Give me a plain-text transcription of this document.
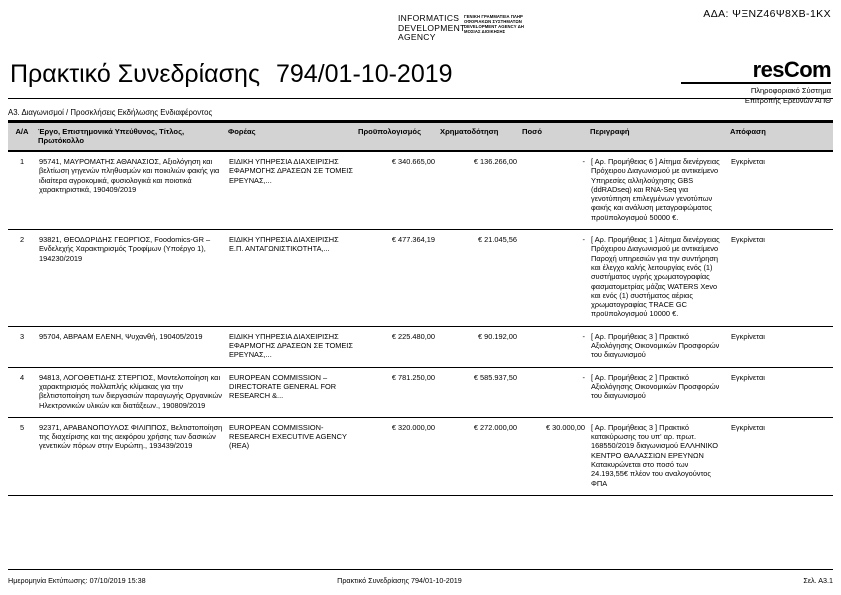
ΑΔΑ: ΨΞΝΖ46Ψ8ΧΒ-1ΚΧ
INFORMATICS DEVELOPMENT AGENCY
ΓΕΝΙΚΗ ΓΡΑΜΜΑΤΕΙΑ ΠΛΗΡΟΦΟΡΙΑΚΩΝ ΣΥΣΤΗΜΑΤΩΝ DEVELOPMENT AGENCY ΔΗΜΟΣΙΑΣ ΔΙΟΙΚΗΣΗΣ
Πρακτικό Συνεδρίασης 794/01-10-2019	resCom
Πληροφοριακό Σύστημα
Επιτροπής Ερευνών ΑΠΘ
Α3. Διαγωνισμοί / Προσκλήσεις Εκδήλωσης Ενδιαφέροντος
Α/Α	Έργο, Επιστημονικά Υπεύθυνος, Τίτλος, Πρωτόκολλο	Φορέας	Προϋπολογισμός	Χρηματοδότηση	Ποσό	Περιγραφή	Απόφαση
1	95741, ΜΑΥΡΟΜΑΤΗΣ ΑΘΑΝΑΣΙΟΣ, Αξιολόγηση και βελτίωση γηγενών πληθυσμών και ποικιλιών φακής για ιδιαίτερα αγροκομικά, φυσιολογικά και ποιοτικά χαρακτηριστικά, 190409/2019	ΕΙΔΙΚΗ ΥΠΗΡΕΣΙΑ ΔΙΑΧΕΙΡΙΣΗΣ ΕΦΑΡΜΟΓΗΣ ΔΡΑΣΕΩΝ ΣΕ ΤΟΜΕΙΣ ΕΡΕΥΝΑΣ,...	€ 340.665,00	€ 136.266,00	-	[ Αρ. Προμήθειας 6 ] Αίτημα διενέργειας Πρόχειρου Διαγωνισμού με αντικείμενο Υπηρεσίες αλληλούχησης GBS (ddRADseq) και RNA-Seq για γενοτύπηση επιλεγμένων γενοτύπων φακής και ανάλυση μεταγραφώματος προϋπολογισμού 50000 €.	Εγκρίνεται
2	93821, ΘΕΟΔΩΡΙΔΗΣ ΓΕΩΡΓΙΟΣ, Foodomics-GR – Ενδελεχής Χαρακτηρισμός Τροφίμων (Υποέργο 1), 194230/2019	ΕΙΔΙΚΗ ΥΠΗΡΕΣΙΑ ΔΙΑΧΕΙΡΙΣΗΣ Ε.Π. ΑΝΤΑΓΩΝΙΣΤΙΚΟΤΗΤΑ,...	€ 477.364,19	€ 21.045,56	-	[ Αρ. Προμήθειας 1 ] Αίτημα διενέργειας Πρόχειρου Διαγωνισμού με αντικείμενο Παροχή υπηρεσιών για την συντήρηση και έλεγχο καλής λειτουργίας ενός (1) συστήματος υγρής χρωματογραφίας φασματομετρίας μάζας WATERS Xevo και ενός (1) συστήματος αέριας χρωματογραφίας TRACE GC προϋπολογισμού 10000 €.	Εγκρίνεται
3	95704, ΑΒΡΑΑΜ ΕΛΕΝΗ, Ψυχανθή, 190405/2019	ΕΙΔΙΚΗ ΥΠΗΡΕΣΙΑ ΔΙΑΧΕΙΡΙΣΗΣ ΕΦΑΡΜΟΓΗΣ ΔΡΑΣΕΩΝ ΣΕ ΤΟΜΕΙΣ ΕΡΕΥΝΑΣ,...	€ 225.480,00	€ 90.192,00	-	[ Αρ. Προμήθειας 3 ] Πρακτικό Αξιολόγησης Οικονομικών Προσφορών του διαγωνισμού	Εγκρίνεται
4	94813, ΛΟΓΟΘΕΤΙΔΗΣ ΣΤΕΡΓΙΟΣ, Μοντελοποίηση και χαρακτηρισμός πολλαπλής κλίμακας για την βελτιστοποίηση των διεργασιών παραγωγής Οργανικών Ηλεκτρονικών υλικών και διατάξεων., 190809/2019	EUROPEAN COMMISSION – DIRECTORATE GENERAL FOR RESEARCH &...	€ 781.250,00	€ 585.937,50	-	[ Αρ. Προμήθειας 2 ] Πρακτικό Αξιολόγησης Οικονομικών Προσφορών του διαγωνισμού	Εγκρίνεται
5	92371, ΑΡΑΒΑΝΟΠΟΥΛΟΣ ΦΙΛΙΠΠΟΣ, Βελτιστοποίηση της διαχείρισης και της αειφόρου χρήσης των δασικών γενετικών πόρων στην Ευρώπη., 193439/2019	EUROPEAN COMMISSION-RESEARCH EXECUTIVE AGENCY (REA)	€ 320.000,00	€ 272.000,00	€ 30.000,00	[ Αρ. Προμήθειας 3 ] Πρακτικό κατακύρωσης του υπ' αρ. πρωτ. 168550/2019 διαγωνισμού ΕΛΛΗΝΙΚΟ ΚΕΝΤΡΟ ΘΑΛΑΣΣΙΩΝ ΕΡΕΥΝΩΝ Κατακυρώνεται στο ποσό των 24.193,55€ πλέον του αναλογούντος ΦΠΑ	Εγκρίνεται
Ημερομηνία Εκτύπωσης: 07/10/2019 15:38	Πρακτικό Συνεδρίασης 794/01-10-2019	Σελ. Α3.1
